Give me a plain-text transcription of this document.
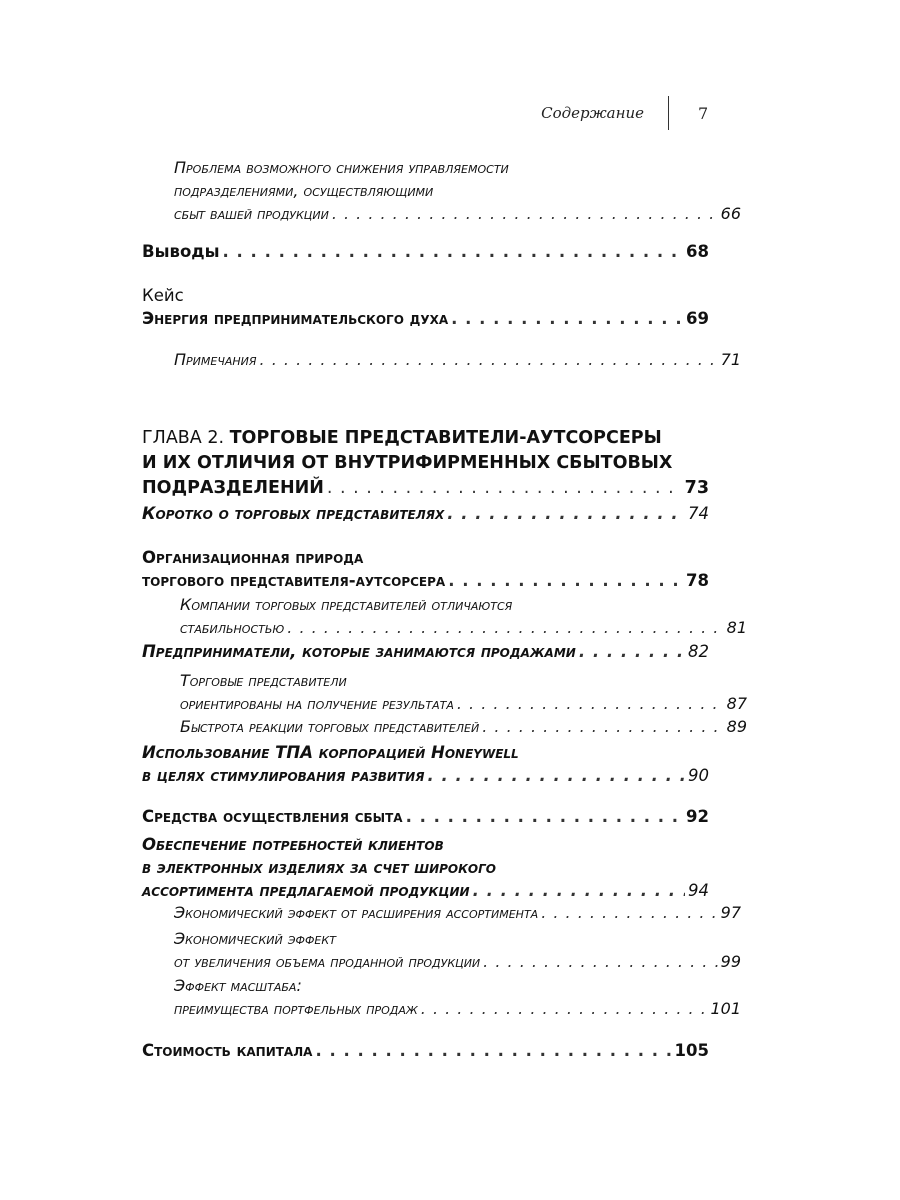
Содержание	7
Проблема возможного снижения управляемости
подразделениями, осуществляющими
сбыт вашей продукции . . .	66
Выводы . . .	68
Кейс
Энергия предпринимательского духа . . .	69
Примечания . . .	71
ГЛАВА 2. ТОРГОВЫЕ ПРЕДСТАВИТЕЛИ-АУТСОРСЕРЫ
И ИХ ОТЛИЧИЯ ОТ ВНУТРИФИРМЕННЫХ СБЫТОВЫХ
ПОДРАЗДЕЛЕНИЙ . . .	73
Коротко о торговых представителях . . .	74
Организационная природа
торгового представителя-аутсорсера . . .	78
Компании торговых представителей отличаются
стабильностью . . .	81
Предприниматели, которые занимаются продажами . . .	82
Торговые представители
ориентированы на получение результата . . .	87
Быстрота реакции торговых представителей . . .	89
Использование ТПА корпорацией Honeywell
в целях стимулирования развития . . .	90
Средства осуществления сбыта . . .	92
Обеспечение потребностей клиентов
в электронных изделиях за счет широкого
ассортимента предлагаемой продукции . . .	94
Экономический эффект от расширения ассортимента . . .	97
Экономический эффект
от увеличения объема проданной продукции . . .	99
Эффект масштаба:
преимущества портфельных продаж . . .	101
Стоимость капитала . . .	105
